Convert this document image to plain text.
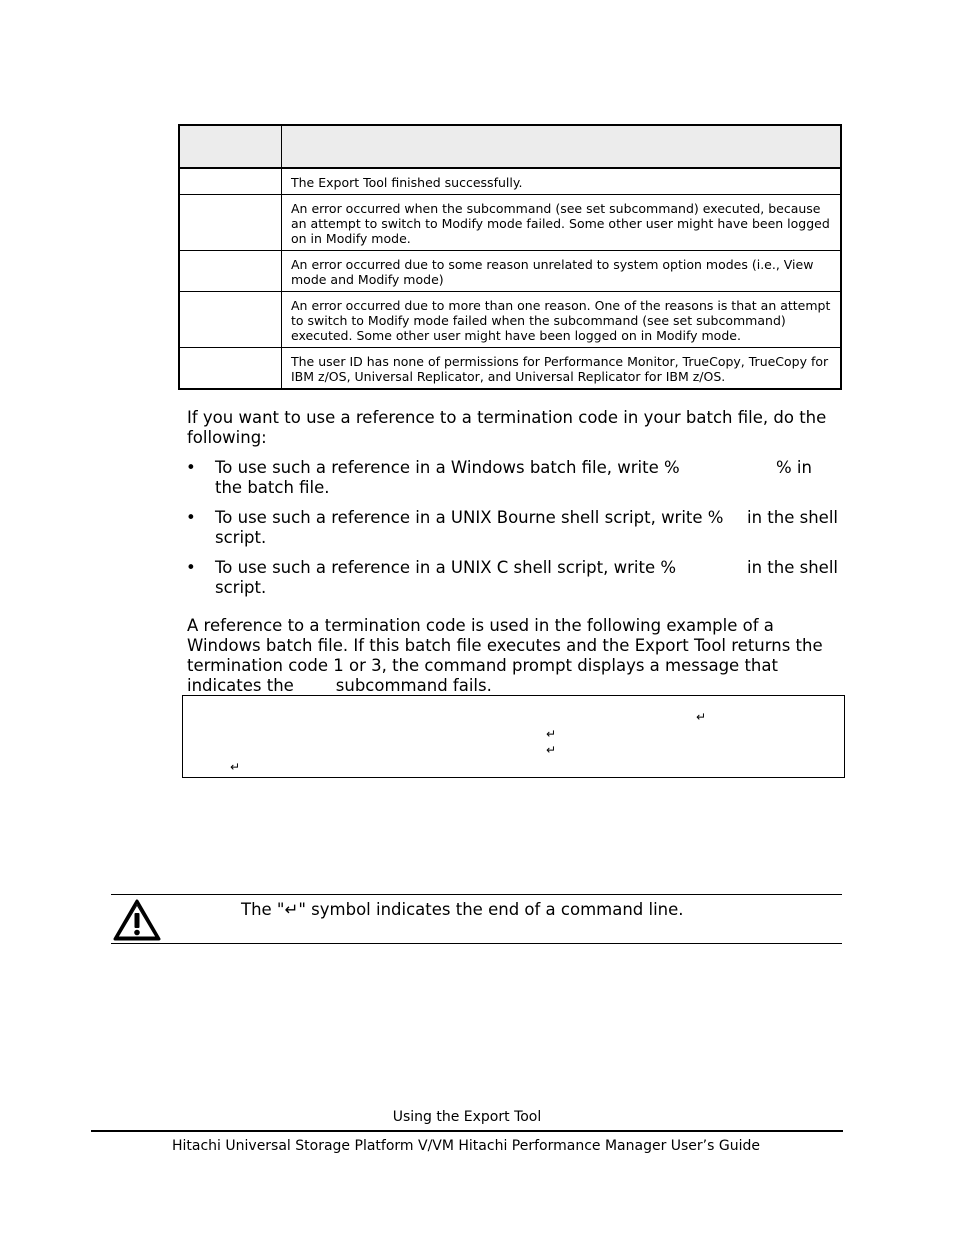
	The Export Tool finished successfully.
	An error occurred when the subcommand (see set subcommand) executed, because an attempt to switch to Modify mode failed. Some other user might have been logged on in Modify mode.
	An error occurred due to some reason unrelated to system option modes (i.e., View mode and Modify mode)
	An error occurred due to more than one reason. One of the reasons is that an attempt to switch to Modify mode failed when the subcommand (see set subcommand) executed. Some other user might have been logged on in Modify mode.
	The user ID has none of permissions for Performance Monitor, TrueCopy, TrueCopy for IBM z/OS, Universal Replicator, and Universal Replicator for IBM z/OS.
If you want to use a reference to a termination code in your batch file, do the following:
• To use such a reference in a Windows batch file, write %	% in
the batch file.
• To use such a reference in a UNIX Bourne shell script, write % in the shell
script.
• To use such a reference in a UNIX C shell script, write %	in the shell
script.
A reference to a termination code is used in the following example of a Windows batch file. If this batch file executes and the Export Tool returns the termination code 1 or 3, the command prompt displays a message that indicates the        subcommand fails.
↵
↵
↵
↵
The "↵" symbol indicates the end of a command line.
Using the Export Tool
Hitachi Universal Storage Platform V/VM Hitachi Performance Manager User’s Guide
